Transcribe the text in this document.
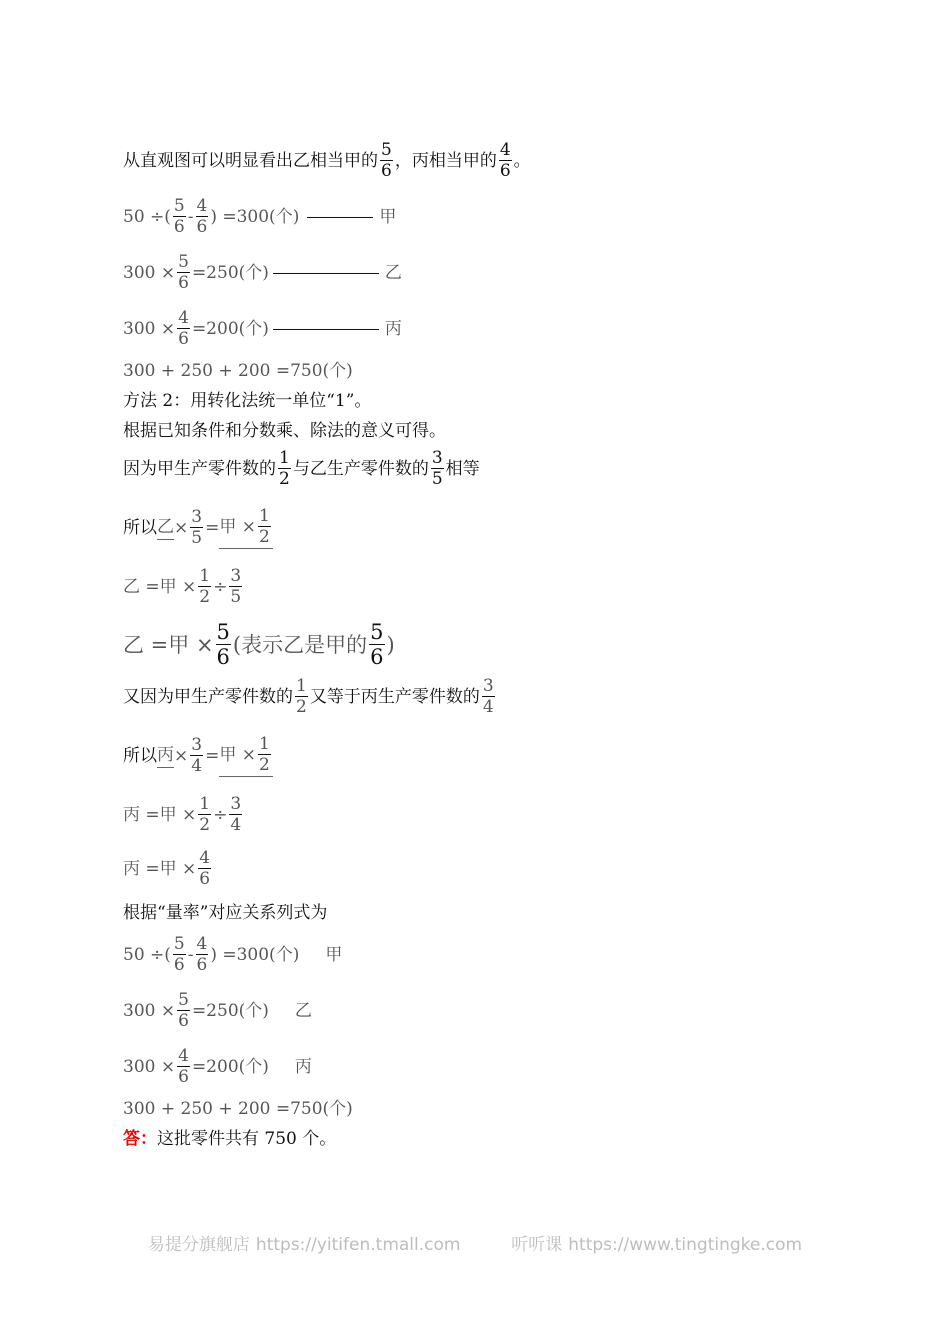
从直观图可以明显看出乙相当甲的 $\frac{5}{6}$ ，丙相当甲的 $\frac{4}{6}$ 。
50 ÷( $\frac{5}{6} - \frac{4}{6}$ ) =300(个)	甲
$300 \times \frac{5}{6} =250$(个)	乙
$300 \times \frac{4}{6} =200$(个)	丙
300 + 250 + 200 =750(个)
方法 2：用转化法统一单位“1”。
根据已知条件和分数乘、除法的意义可得。
因为甲生产零件数的 $\frac{1}{2}$ 与乙生产零件数的 $\frac{3}{5}$ 相等
所以 乙 × $\frac{3}{5}$ = 甲 × $\frac{1}{2}$
乙 =甲 × $\frac{1}{2} \div \frac{3}{5}$
乙 =甲 × $\frac{5}{6}$ (表示乙是甲的 $\frac{5}{6}$ )
又因为甲生产零件数的 $\frac{1}{2}$ 又等于丙生产零件数的 $\frac{3}{4}$
所以 丙 × $\frac{3}{4}$ = 甲 × $\frac{1}{2}$
丙 =甲 × $\frac{1}{2} \div \frac{3}{4}$
丙 =甲 × $\frac{4}{6}$
根据“量率”对应关系列式为
50 ÷( $\frac{5}{6} - \frac{4}{6}$ ) =300(个) 甲
$300 \times \frac{5}{6} =250$(个) 乙
$300 \times \frac{4}{6} =200$(个) 丙
300 + 250 + 200 =750(个)
答： 这批零件共有 750 个。
易提分旗舰店 https://yitifen.tmall.com	听听课 https://www.tingtingke.com
